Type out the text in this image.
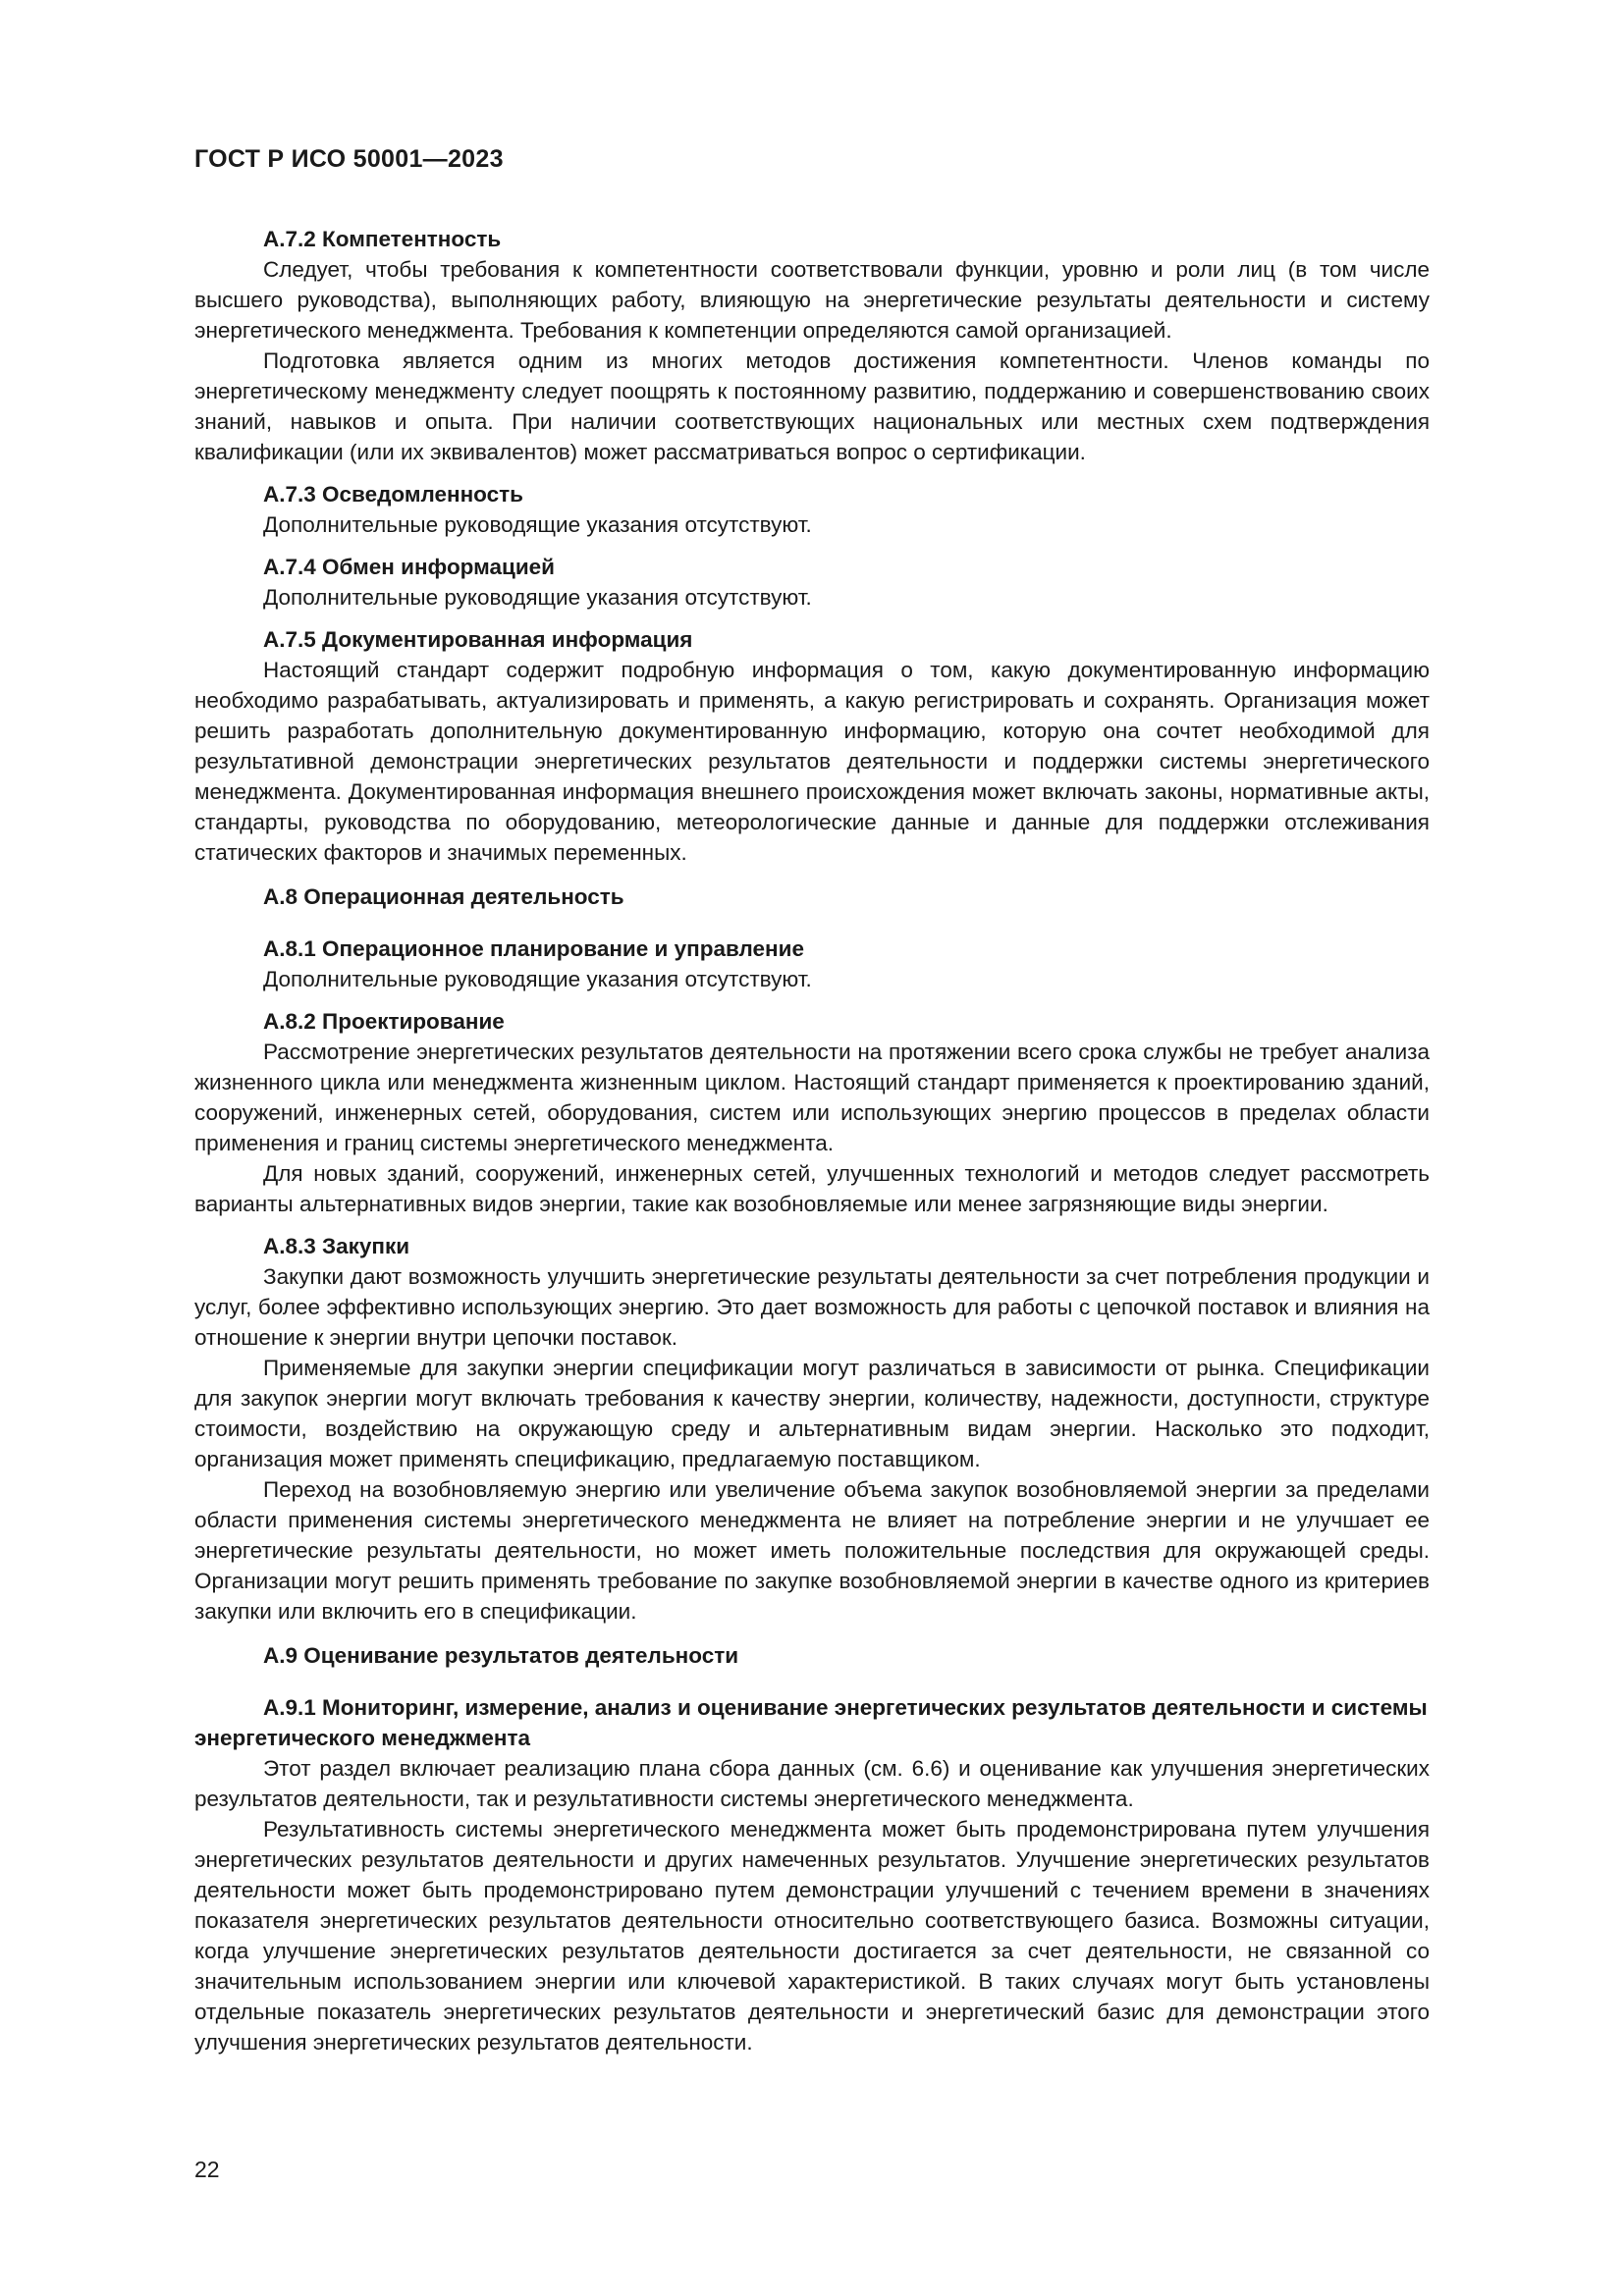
ГОСТ Р ИСО 50001—2023

А.7.2 Компетентность

Следует, чтобы требования к компетентности соответствовали функции, уровню и роли лиц (в том числе высшего руководства), выполняющих работу, влияющую на энергетические результаты деятельности и систему энергетического менеджмента. Требования к компетенции определяются самой организацией.

Подготовка является одним из многих методов достижения компетентности. Членов команды по энергетическому менеджменту следует поощрять к постоянному развитию, поддержанию и совершенствованию своих знаний, навыков и опыта. При наличии соответствующих национальных или местных схем подтверждения квалификации (или их эквивалентов) может рассматриваться вопрос о сертификации.

А.7.3 Осведомленность

Дополнительные руководящие указания отсутствуют.

А.7.4 Обмен информацией

Дополнительные руководящие указания отсутствуют.

А.7.5 Документированная информация

Настоящий стандарт содержит подробную информация о том, какую документированную информацию необходимо разрабатывать, актуализировать и применять, а какую регистрировать и сохранять. Организация может решить разработать дополнительную документированную информацию, которую она сочтет необходимой для результативной демонстрации энергетических результатов деятельности и поддержки системы энергетического менеджмента. Документированная информация внешнего происхождения может включать законы, нормативные акты, стандарты, руководства по оборудованию, метеорологические данные и данные для поддержки отслеживания статических факторов и значимых переменных.

А.8 Операционная деятельность

А.8.1 Операционное планирование и управление

Дополнительные руководящие указания отсутствуют.

А.8.2 Проектирование

Рассмотрение энергетических результатов деятельности на протяжении всего срока службы не требует анализа жизненного цикла или менеджмента жизненным циклом. Настоящий стандарт применяется к проектированию зданий, сооружений, инженерных сетей, оборудования, систем или использующих энергию процессов в пределах области применения и границ системы энергетического менеджмента.

Для новых зданий, сооружений, инженерных сетей, улучшенных технологий и методов следует рассмотреть варианты альтернативных видов энергии, такие как возобновляемые или менее загрязняющие виды энергии.

А.8.3 Закупки

Закупки дают возможность улучшить энергетические результаты деятельности за счет потребления продукции и услуг, более эффективно использующих энергию. Это дает возможность для работы с цепочкой поставок и влияния на отношение к энергии внутри цепочки поставок.

Применяемые для закупки энергии спецификации могут различаться в зависимости от рынка. Спецификации для закупок энергии могут включать требования к качеству энергии, количеству, надежности, доступности, структуре стоимости, воздействию на окружающую среду и альтернативным видам энергии. Насколько это подходит, организация может применять спецификацию, предлагаемую поставщиком.

Переход на возобновляемую энергию или увеличение объема закупок возобновляемой энергии за пределами области применения системы энергетического менеджмента не влияет на потребление энергии и не улучшает ее энергетические результаты деятельности, но может иметь положительные последствия для окружающей среды. Организации могут решить применять требование по закупке возобновляемой энергии в качестве одного из критериев закупки или включить его в спецификации.

А.9 Оценивание результатов деятельности

А.9.1 Мониторинг, измерение, анализ и оценивание энергетических результатов деятельности и системы энергетического менеджмента

Этот раздел включает реализацию плана сбора данных (см. 6.6) и оценивание как улучшения энергетических результатов деятельности, так и результативности системы энергетического менеджмента.

Результативность системы энергетического менеджмента может быть продемонстрирована путем улучшения энергетических результатов деятельности и других намеченных результатов. Улучшение энергетических результатов деятельности может быть продемонстрировано путем демонстрации улучшений с течением времени в значениях показателя энергетических результатов деятельности относительно соответствующего базиса. Возможны ситуации, когда улучшение энергетических результатов деятельности достигается за счет деятельности, не связанной со значительным использованием энергии или ключевой характеристикой. В таких случаях могут быть установлены отдельные показатель энергетических результатов деятельности и энергетический базис для демонстрации этого улучшения энергетических результатов деятельности.

22
